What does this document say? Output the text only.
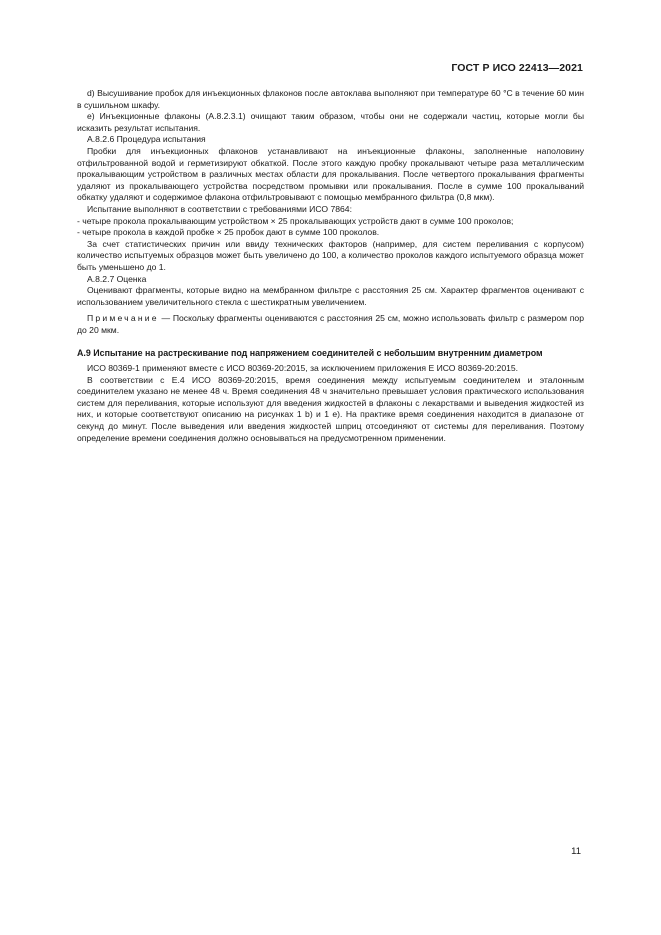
ГОСТ Р ИСО 22413—2021

d) Высушивание пробок для инъекционных флаконов после автоклава выполняют при температуре 60 °С в течение 60 мин в сушильном шкафу.

e) Инъекционные флаконы (A.8.2.3.1) очищают таким образом, чтобы они не содержали частиц, которые могли бы исказить результат испытания.

A.8.2.6 Процедура испытания

Пробки для инъекционных флаконов устанавливают на инъекционные флаконы, заполненные наполовину отфильтрованной водой и герметизируют обкаткой. После этого каждую пробку прокалывают четыре раза металлическим прокалывающим устройством в различных местах области для прокалывания. После четвертого прокалывания фрагменты удаляют из прокалывающего устройства посредством промывки или прокалывания. После в сумме 100 прокалываний обкатку удаляют и содержимое флакона отфильтровывают с помощью мембранного фильтра (0,8 мкм).

Испытание выполняют в соответствии с требованиями ИСО 7864:

- четыре прокола прокалывающим устройством × 25 прокалывающих устройств дают в сумме 100 проколов;

- четыре прокола в каждой пробке × 25 пробок дают в сумме 100 проколов.

За счет статистических причин или ввиду технических факторов (например, для систем переливания с корпусом) количество испытуемых образцов может быть увеличено до 100, а количество проколов каждого испытуемого образца может быть уменьшено до 1.

A.8.2.7 Оценка

Оценивают фрагменты, которые видно на мембранном фильтре с расстояния 25 см. Характер фрагментов оценивают с использованием увеличительного стекла с шестикратным увеличением.

Примечание — Поскольку фрагменты оцениваются с расстояния 25 см, можно использовать фильтр с размером пор до 20 мкм.

A.9 Испытание на растрескивание под напряжением соединителей с небольшим внутренним диаметром

ИСО 80369-1 применяют вместе с ИСО 80369-20:2015, за исключением приложения Е ИСО 80369-20:2015.

В соответствии с Е.4 ИСО 80369-20:2015, время соединения между испытуемым соединителем и эталонным соединителем указано не менее 48 ч. Время соединения 48 ч значительно превышает условия практического использования систем для переливания, которые используют для введения жидкостей в флаконы с лекарствами и выведения жидкостей из них, и которые соответствуют описанию на рисунках 1 b) и 1 e). На практике время соединения находится в диапазоне от секунд до минут. После выведения или введения жидкостей шприц отсоединяют от системы для переливания. Поэтому определение времени соединения должно основываться на предусмотренном применении.

11
